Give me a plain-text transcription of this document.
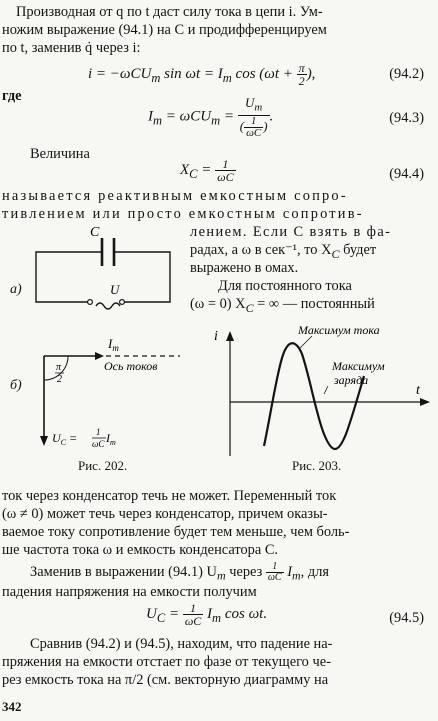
Производная от q по t даст силу тока в цепи i. Ум-
ножим выражение (94.1) на C и продифференцируем
по t, заменив q̇ через i:
i = −ωCU$_m$ $\sin \omega t = I_m$ $\cos (\omega t + \frac{\pi}{2}$ ),	(94.2)
где
$I_m = \omega CU_m = \frac{U_m}{( \frac{1}{\omega C} )}$ .	(94.3)
Величина
$X_C = \frac{1}{\omega C}$	(94.4)
называется реактивным емкостным сопро-
тивлением или просто емкостным сопротив-
лением. Если C взять в фа-
радах, а ω в сек⁻¹, то $X_C$ будет
выражено в омах.
Для постоянного тока
(ω = 0) $X_C$ = ∞ — постоянный
C
U
а)
$I_m$
π
2
Ось токов
$U_C = 1$
ωC $I_m$
б)
Рис. 202.
i
t
Максимум тока
Максимум
заряда
Рис. 203.
ток через конденсатор течь не может. Переменный ток
(ω ≠ 0) может течь через конденсатор, причем оказы-
ваемое току сопротивление будет тем меньше, чем боль-
ше частота тока ω и емкость конденсатора C.
Заменив в выражении (94.1) $U_m$ через $\frac{1}{\omega C} I_m$, для
падения напряжения на емкости получим
$U_C = \frac{1}{\omega C} I_m$ cos ωt.	(94.5)
Сравнив (94.2) и (94.5), находим, что падение на-
пряжения на емкости отстает по фазе от текущего че-
рез емкость тока на π/2 (см. векторную диаграмму на
342
